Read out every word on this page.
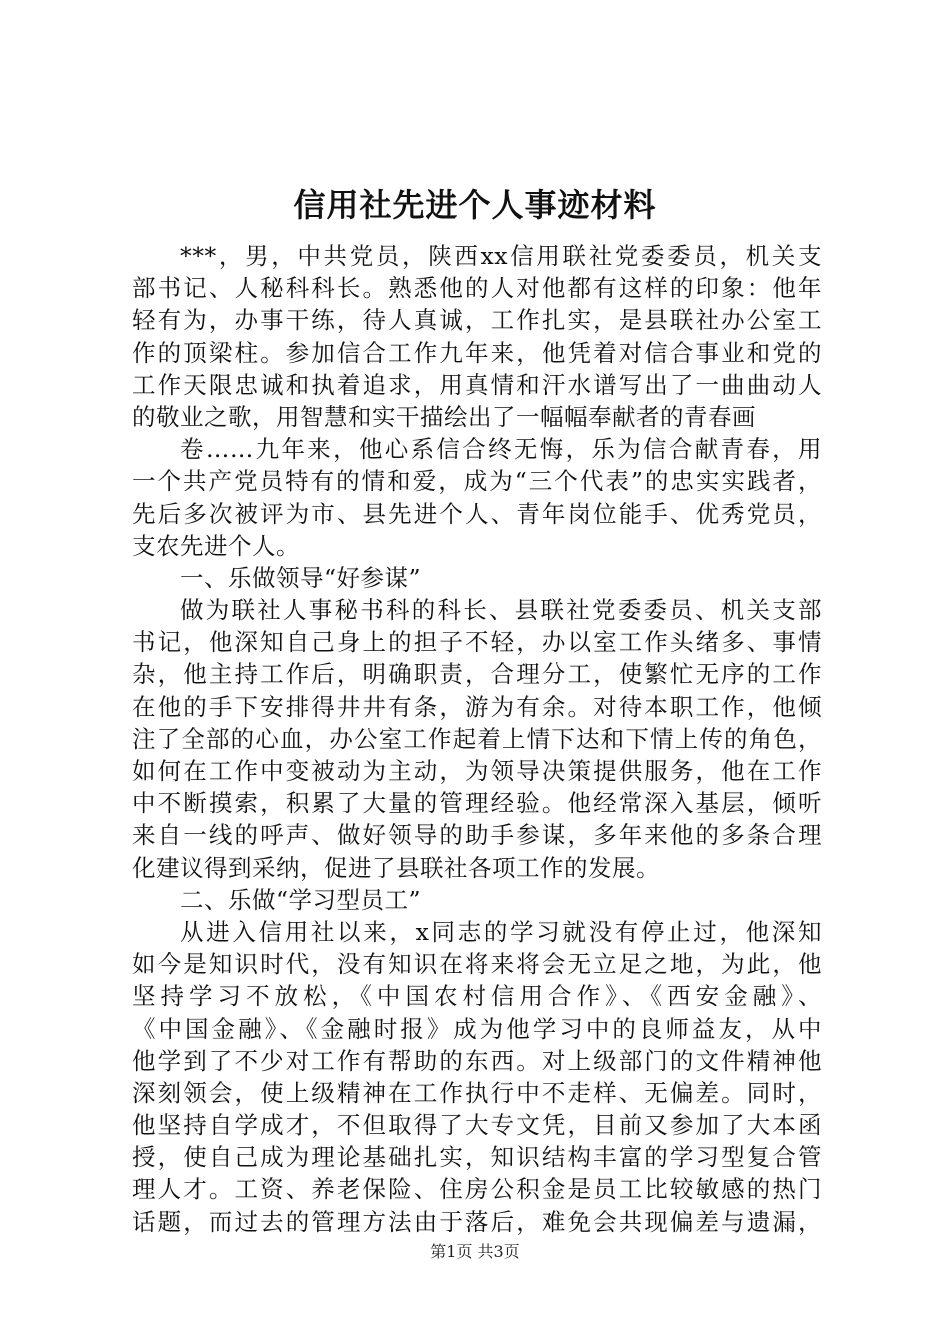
信用社先进个人事迹材料
***，男，中共党员，陕西xx信用联社党委委员，机关支
部书记、人秘科科长。熟悉他的人对他都有这样的印象：他年
轻有为，办事干练，待人真诚，工作扎实，是县联社办公室工
作的顶梁柱。参加信合工作九年来，他凭着对信合事业和党的
工作天限忠诚和执着追求，用真情和汗水谱写出了一曲曲动人
的敬业之歌，用智慧和实干描绘出了一幅幅奉献者的青春画
卷……九年来，他心系信合终无悔，乐为信合献青春，用
一个共产党员特有的情和爱，成为“三个代表”的忠实实践者，
先后多次被评为市、县先进个人、青年岗位能手、优秀党员，
支农先进个人。
一、乐做领导“好参谋”
做为联社人事秘书科的科长、县联社党委委员、机关支部
书记，他深知自己身上的担子不轻，办以室工作头绪多、事情
杂，他主持工作后，明确职责，合理分工，使繁忙无序的工作
在他的手下安排得井井有条，游为有余。对待本职工作，他倾
注了全部的心血，办公室工作起着上情下达和下情上传的角色，
如何在工作中变被动为主动，为领导决策提供服务，他在工作
中不断摸索，积累了大量的管理经验。他经常深入基层，倾听
来自一线的呼声、做好领导的助手参谋，多年来他的多条合理
化建议得到采纳，促进了县联社各项工作的发展。
二、乐做“学习型员工”
从进入信用社以来，x同志的学习就没有停止过，他深知
如今是知识时代，没有知识在将来将会无立足之地，为此，他
坚持学习不放松，《中国农村信用合作》、《西安金融》、
《中国金融》、《金融时报》成为他学习中的良师益友，从中
他学到了不少对工作有帮助的东西。对上级部门的文件精神他
深刻领会，使上级精神在工作执行中不走样、无偏差。同时，
他坚持自学成才，不但取得了大专文凭，目前又参加了大本函
授，使自己成为理论基础扎实，知识结构丰富的学习型复合管
理人才。工资、养老保险、住房公积金是员工比较敏感的热门
话题，而过去的管理方法由于落后，难免会共现偏差与遗漏，
第1页 共3页
